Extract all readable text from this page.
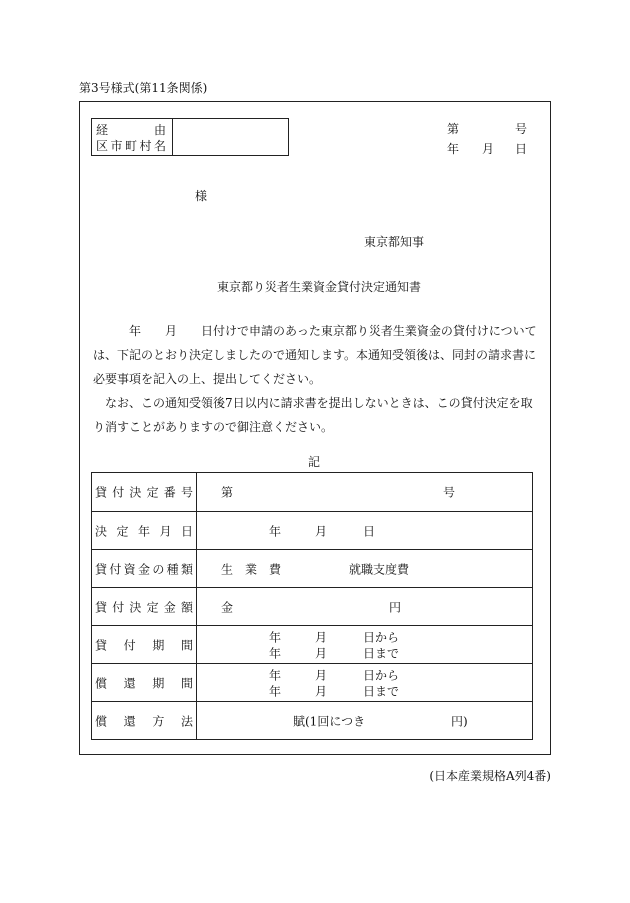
第3号様式(第11条関係)
経	由
区 市 町 村 名
第	号
年 月 日
様
東京都知事
東京都り災者生業資金貸付決定通知書

　　　年　　月　　日付けで申請のあった東京都り災者生業資金の貸付けについては、下記のとおり決定しましたので通知します。本通知受領後は、同封の請求書に必要事項を記入の上、提出してください。

　なお、この通知受領後7日以内に請求書を提出しないときは、この貸付決定を取り消すことがありますので御注意ください。

記
貸 付 決 定 番 号 第	号
決 定 年 月 日	年	月	日
貸 付 資 金 の 種 類 生　業　費	就職支度費
貸 付 決 定 金 額 金	円
貸 付 期 間
年	月	日から
年	月	日まで
償 還 期 間
年	月	日から
年	月	日まで
償 還 方 法	賦(1回につき	円)
(日本産業規格A列4番)
